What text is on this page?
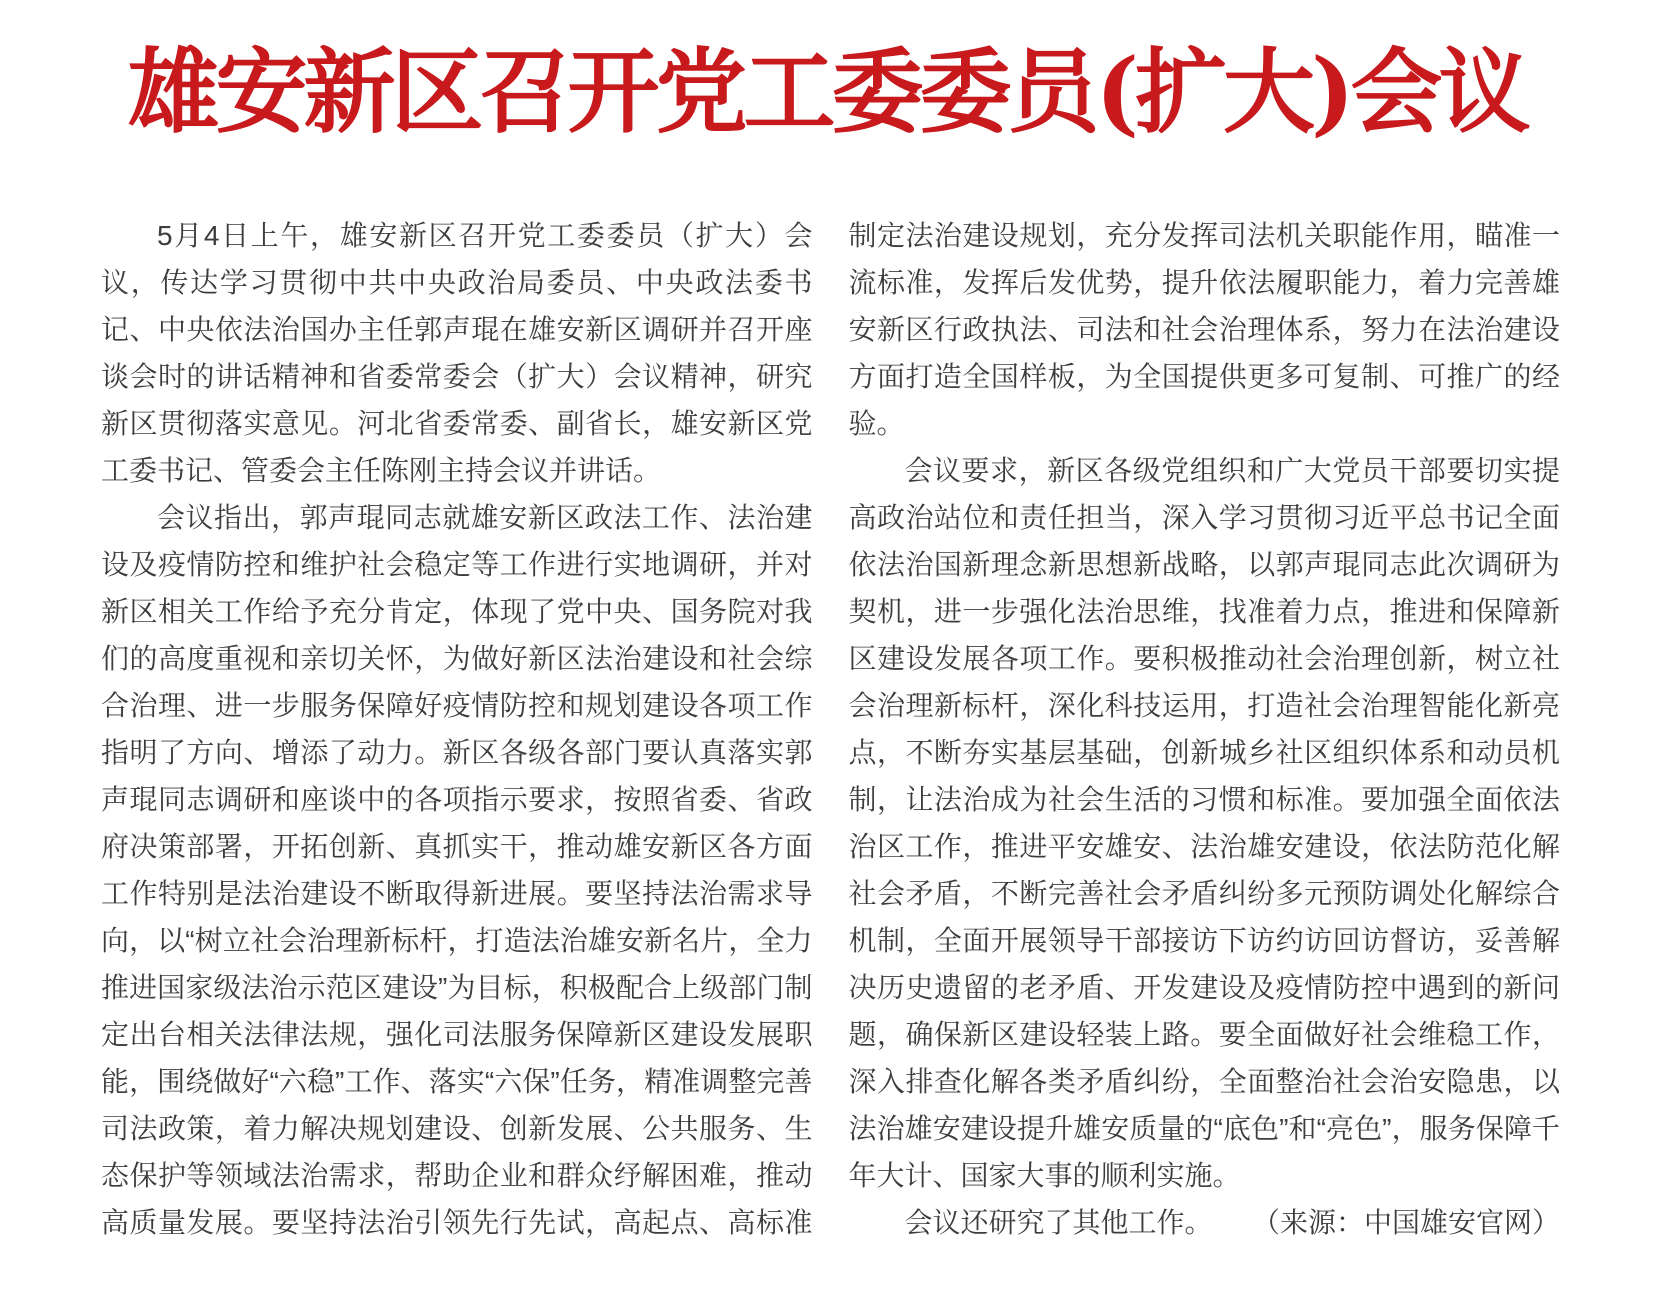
雄安新区召开党工委委员(扩大)会议

5月4日上午，雄安新区召开党工委委员（扩大）会议，传达学习贯彻中共中央政治局委员、中央政法委书记、中央依法治国办主任郭声琨在雄安新区调研并召开座谈会时的讲话精神和省委常委会（扩大）会议精神，研究新区贯彻落实意见。河北省委常委、副省长，雄安新区党工委书记、管委会主任陈刚主持会议并讲话。

会议指出，郭声琨同志就雄安新区政法工作、法治建设及疫情防控和维护社会稳定等工作进行实地调研，并对新区相关工作给予充分肯定，体现了党中央、国务院对我们的高度重视和亲切关怀，为做好新区法治建设和社会综合治理、进一步服务保障好疫情防控和规划建设各项工作指明了方向、增添了动力。新区各级各部门要认真落实郭声琨同志调研和座谈中的各项指示要求，按照省委、省政府决策部署，开拓创新、真抓实干，推动雄安新区各方面工作特别是法治建设不断取得新进展。要坚持法治需求导向，以“树立社会治理新标杆，打造法治雄安新名片，全力推进国家级法治示范区建设”为目标，积极配合上级部门制定出台相关法律法规，强化司法服务保障新区建设发展职能，围绕做好“六稳”工作、落实“六保”任务，精准调整完善司法政策，着力解决规划建设、创新发展、公共服务、生态保护等领域法治需求，帮助企业和群众纾解困难，推动高质量发展。要坚持法治引领先行先试，高起点、高标准制定法治建设规划，充分发挥司法机关职能作用，瞄准一流标准，发挥后发优势，提升依法履职能力，着力完善雄安新区行政执法、司法和社会治理体系，努力在法治建设方面打造全国样板，为全国提供更多可复制、可推广的经验。

会议要求，新区各级党组织和广大党员干部要切实提高政治站位和责任担当，深入学习贯彻习近平总书记全面依法治国新理念新思想新战略，以郭声琨同志此次调研为契机，进一步强化法治思维，找准着力点，推进和保障新区建设发展各项工作。要积极推动社会治理创新，树立社会治理新标杆，深化科技运用，打造社会治理智能化新亮点，不断夯实基层基础，创新城乡社区组织体系和动员机制，让法治成为社会生活的习惯和标准。要加强全面依法治区工作，推进平安雄安、法治雄安建设，依法防范化解社会矛盾，不断完善社会矛盾纠纷多元预防调处化解综合机制，全面开展领导干部接访下访约访回访督访，妥善解决历史遗留的老矛盾、开发建设及疫情防控中遇到的新问题，确保新区建设轻装上路。要全面做好社会维稳工作，深入排查化解各类矛盾纠纷，全面整治社会治安隐患，以法治雄安建设提升雄安质量的“底色”和“亮色”，服务保障千年大计、国家大事的顺利实施。

会议还研究了其他工作。 （来源：中国雄安官网）
